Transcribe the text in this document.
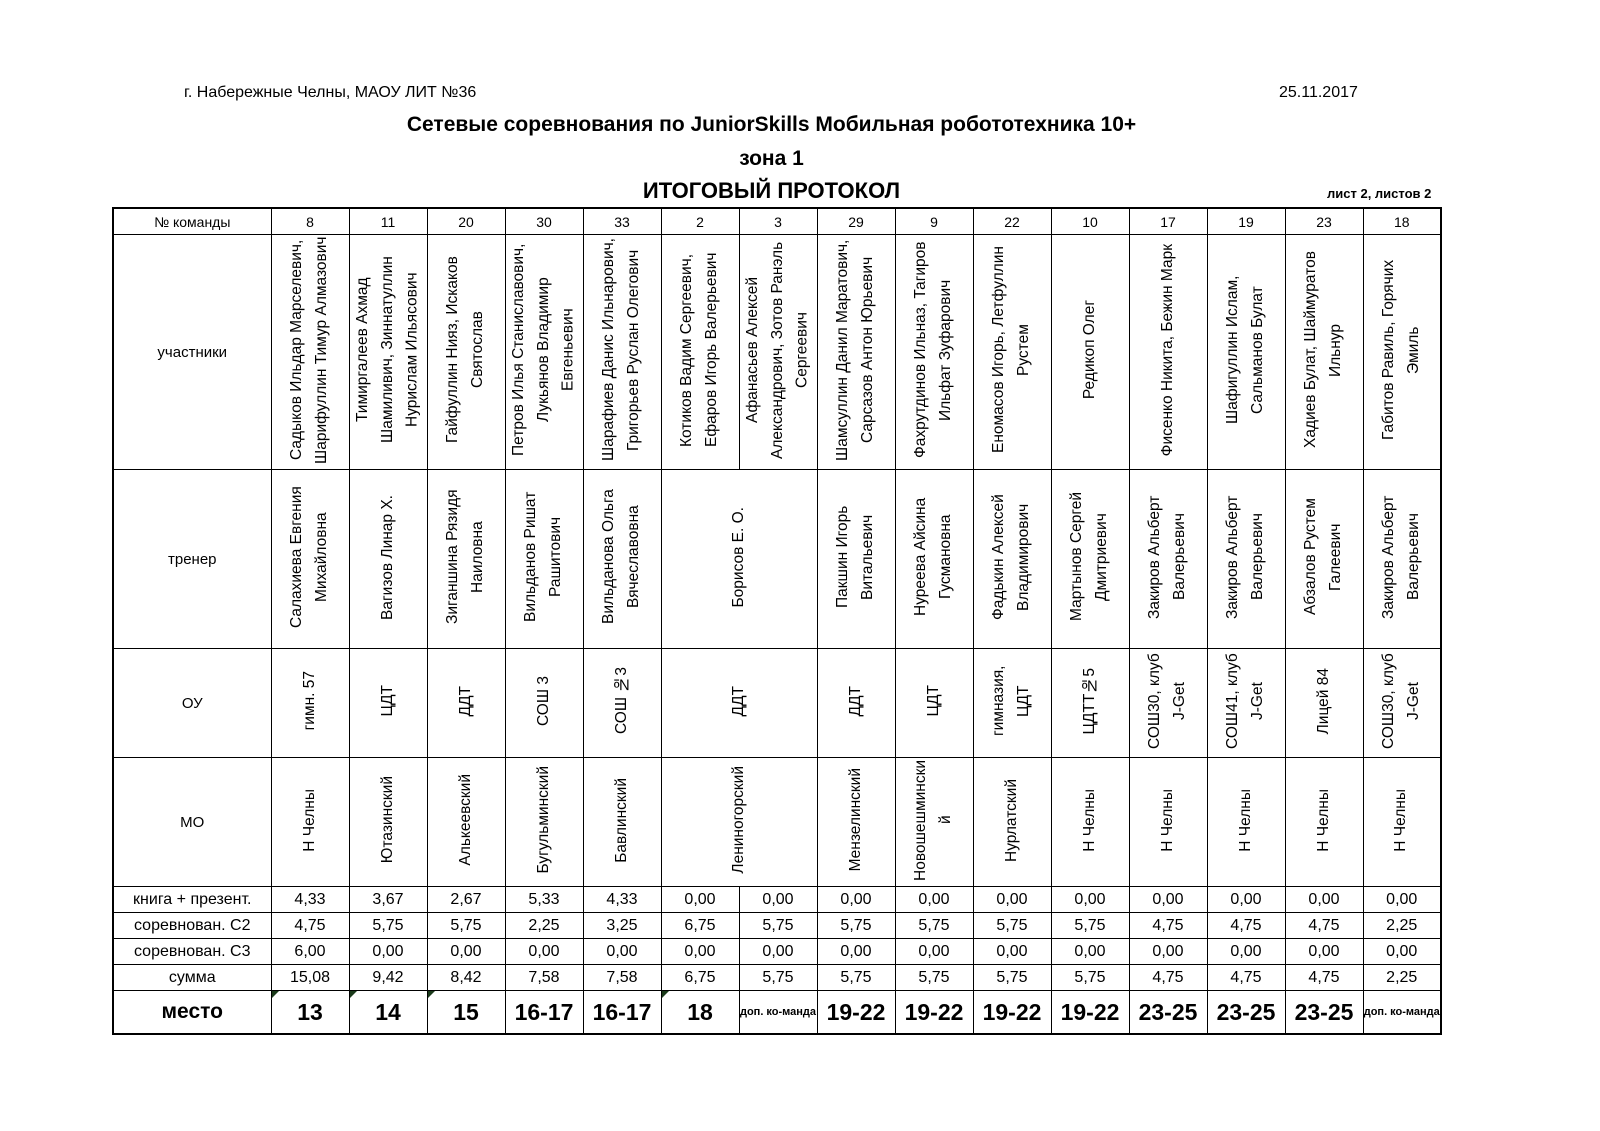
г. Набережные Челны, МАОУ ЛИТ №36	25.11.2017
Сетевые соревнования по JuniorSkills Мобильная робототехника 10+
зона 1
ИТОГОВЫЙ ПРОТОКОЛ	лист 2, листов 2
№ команды	8	11	20	30	33	2	3	29	9	22	10	17	19	23	18
участники	Садыков Ильдар Марселевич, Шарифуллин Тимур Алмазович	Тимиргалеев Ахмад Шамиливич, Зиннатуллин Нурислам Ильясович	Гайфуллин Нияз, Искаков Святослав	Петров Илья Станиславович, Лукьянов Владимир Евгеньевич	Шарафиев Данис Ильнарович, Григорьев Руслан Олегович	Котиков Вадим Сергеевич, Ефаров Игорь Валерьевич	Афанасьев Алексей Александрович, Зотов Ранэль Сергеевич	Шамсуллин Данил Маратович, Сарсазов Антон Юрьевич	Фахрутдинов Ильназ, Тагиров Ильфат Зуфарович	Еномасов Игорь, Летфуллин Рустем	Редикоп Олег	Фисенко Никита, Бежин Марк	Шафигуллин Ислам, Сальманов Булат	Хадиев Булат, Шаймуратов Ильнур	Габитов Равиль, Горячих Эмиль
тренер	Салахиева Евгения Михайловна	Вагизов Линар Х.	Зиганшина Рязидя Наиловна	Вильданов Ришат Рашитович	Вильданова Ольга Вячеславовна	Борисов Е. О.		Пакшин Игорь Витальевич	Нуреева Айсина Гусмановна	Фадькин Алексей Владимирович	Мартынов Сергей Дмитриевич	Закиров Альберт Валерьевич	Закиров Альберт Валерьевич	Абзалов Рустем Галеевич	Закиров Альберт Валерьевич
ОУ	гимн. 57	ЦДТ	ДДТ	СОШ 3	СОШ №3	ДДТ		ДДТ	ЦДТ	гимназия, ЦДТ	ЦДТТ№5	СОШ30, клуб J-Get	СОШ41, клуб J-Get	Лицей 84	СОШ30, клуб J-Get
МО	Н Челны	Ютазинский	Алькеевский	Бугульминский	Бавлинский	Лениногорский		Мензелинский	Новошешминский	Нурлатский	Н Челны	Н Челны	Н Челны	Н Челны	Н Челны
книга + презент.	4,33	3,67	2,67	5,33	4,33	0,00	0,00	0,00	0,00	0,00	0,00	0,00	0,00	0,00	0,00
соревнован. С2	4,75	5,75	5,75	2,25	3,25	6,75	5,75	5,75	5,75	5,75	5,75	4,75	4,75	4,75	2,25
соревнован. С3	6,00	0,00	0,00	0,00	0,00	0,00	0,00	0,00	0,00	0,00	0,00	0,00	0,00	0,00	0,00
сумма	15,08	9,42	8,42	7,58	7,58	6,75	5,75	5,75	5,75	5,75	5,75	4,75	4,75	4,75	2,25
место	13	14	15	16-17	16-17	18	доп. ко-манда	19-22	19-22	19-22	19-22	23-25	23-25	23-25	доп. ко-манда
